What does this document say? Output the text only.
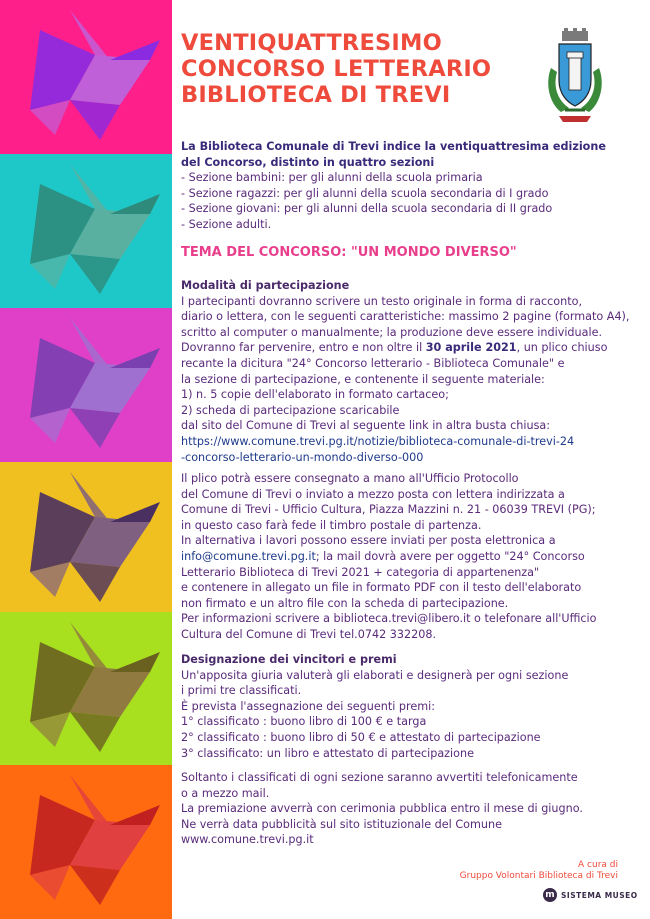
VENTIQUATTRESIMO
CONCORSO LETTERARIO
BIBLIOTECA DI TREVI
La Biblioteca Comunale di Trevi indice la ventiquattresima edizione
del Concorso, distinto in quattro sezioni
- Sezione bambini: per gli alunni della scuola primaria
- Sezione ragazzi: per gli alunni della scuola secondaria di I grado
- Sezione giovani: per gli alunni della scuola secondaria di II grado
- Sezione adulti.
TEMA DEL CONCORSO: "UN MONDO DIVERSO"
Modalità di partecipazione
I partecipanti dovranno scrivere un testo originale in forma di racconto,
diario o lettera, con le seguenti caratteristiche: massimo 2 pagine (formato A4),
scritto al computer o manualmente; la produzione deve essere individuale.
Dovranno far pervenire, entro e non oltre il 30 aprile 2021, un plico chiuso
recante la dicitura "24° Concorso letterario - Biblioteca Comunale" e
la sezione di partecipazione, e contenente il seguente materiale:
1) n. 5 copie dell'elaborato in formato cartaceo;
2) scheda di partecipazione scaricabile
dal sito del Comune di Trevi al seguente link in altra busta chiusa:
https://www.comune.trevi.pg.it/notizie/biblioteca-comunale-di-trevi-24
-concorso-letterario-un-mondo-diverso-000
Il plico potrà essere consegnato a mano all'Ufficio Protocollo
del Comune di Trevi o inviato a mezzo posta con lettera indirizzata a
Comune di Trevi - Ufficio Cultura, Piazza Mazzini n. 21 - 06039 TREVI (PG);
in questo caso farà fede il timbro postale di partenza.
In alternativa i lavori possono essere inviati per posta elettronica a
info@comune.trevi.pg.it; la mail dovrà avere per oggetto "24° Concorso
Letterario Biblioteca di Trevi 2021 + categoria di appartenenza"
e contenere in allegato un file in formato PDF con il testo dell'elaborato
non firmato e un altro file con la scheda di partecipazione.
Per informazioni scrivere a biblioteca.trevi@libero.it o telefonare all'Ufficio
Cultura del Comune di Trevi tel.0742 332208.
Designazione dei vincitori e premi
Un'apposita giuria valuterà gli elaborati e designerà per ogni sezione
i primi tre classificati.
È prevista l'assegnazione dei seguenti premi:
1° classificato : buono libro di 100 € e targa
2° classificato : buono libro di 50 € e attestato di partecipazione
3° classificato: un libro e attestato di partecipazione
Soltanto i classificati di ogni sezione saranno avvertiti telefonicamente
o a mezzo mail.
La premiazione avverrà con cerimonia pubblica entro il mese di giugno.
Ne verrà data pubblicità sul sito istituzionale del Comune
www.comune.trevi.pg.it
A cura di
Gruppo Volontari Biblioteca di Trevi
m SISTEMA MUSEO
